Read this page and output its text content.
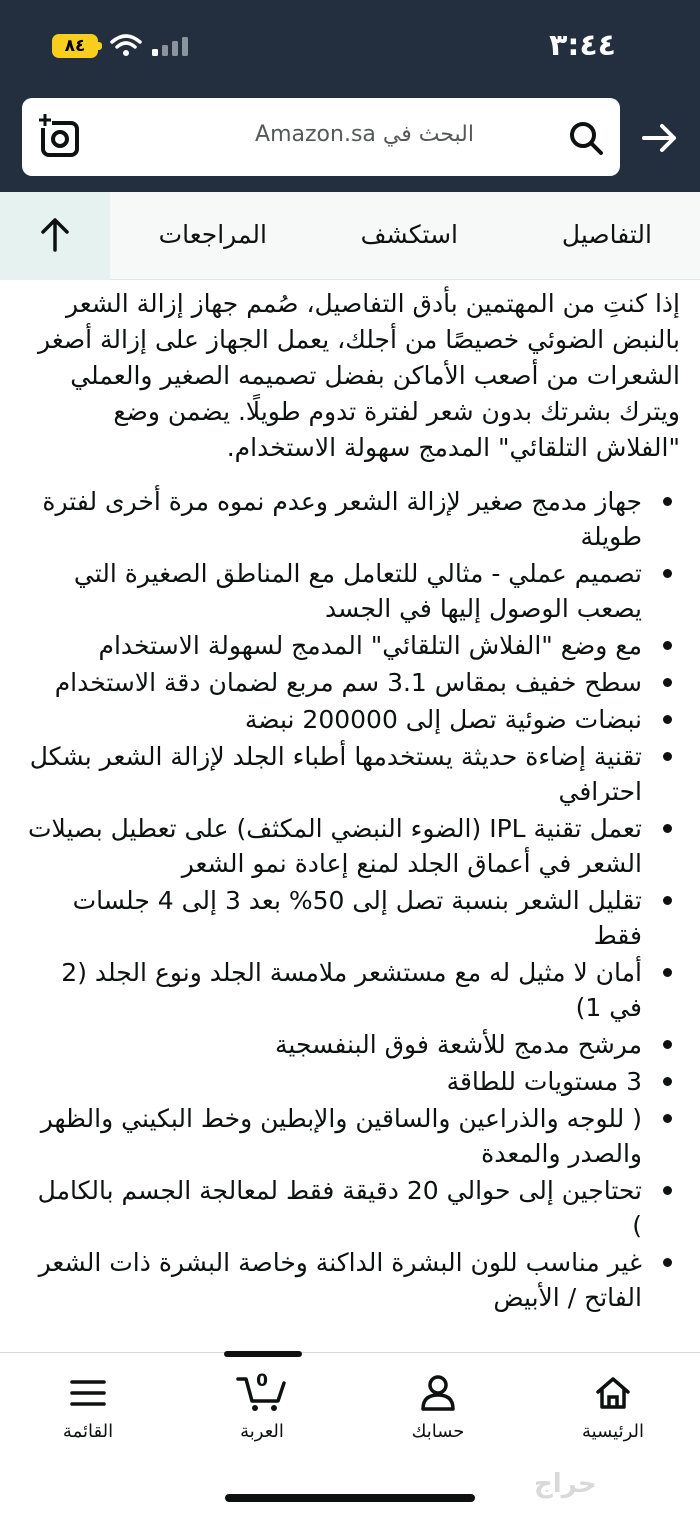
٣:٤٤
٨٤
البحث في Amazon.sa
التفاصيل
استكشف
المراجعات

إذا كنتِ من المهتمين بأدق التفاصيل، صُمم جهاز إزالة الشعر بالنبض الضوئي خصيصًا من أجلك، يعمل الجهاز على إزالة أصغر الشعرات من أصعب الأماكن بفضل تصميمه الصغير والعملي ويترك بشرتك بدون شعر لفترة تدوم طويلًا. يضمن وضع "الفلاش التلقائي" المدمج سهولة الاستخدام.

جهاز مدمج صغير لإزالة الشعر وعدم نموه مرة أخرى لفترة طويلة
تصميم عملي - مثالي للتعامل مع المناطق الصغيرة التي يصعب الوصول إليها في الجسد
مع وضع "الفلاش التلقائي" المدمج لسهولة الاستخدام
سطح خفيف بمقاس 3.1 سم مربع لضمان دقة الاستخدام
نبضات ضوئية تصل إلى 200000 نبضة
تقنية إضاءة حديثة يستخدمها أطباء الجلد لإزالة الشعر بشكل احترافي
تعمل تقنية IPL (الضوء النبضي المكثف) على تعطيل بصيلات الشعر في أعماق الجلد لمنع إعادة نمو الشعر
تقليل الشعر بنسبة تصل إلى 50% بعد 3 إلى 4 جلسات فقط
أمان لا مثيل له مع مستشعر ملامسة الجلد ونوع الجلد (2 في 1)
مرشح مدمج للأشعة فوق البنفسجية
3 مستويات للطاقة
( للوجه والذراعين والساقين والإبطين وخط البكيني والظهر والصدر والمعدة
تحتاجين إلى حوالي 20 دقيقة فقط لمعالجة الجسم بالكامل )
غير مناسب للون البشرة الداكنة وخاصة البشرة ذات الشعر الفاتح / الأبيض
الرئيسية
حسابك
0
العربة
القائمة
حراج
